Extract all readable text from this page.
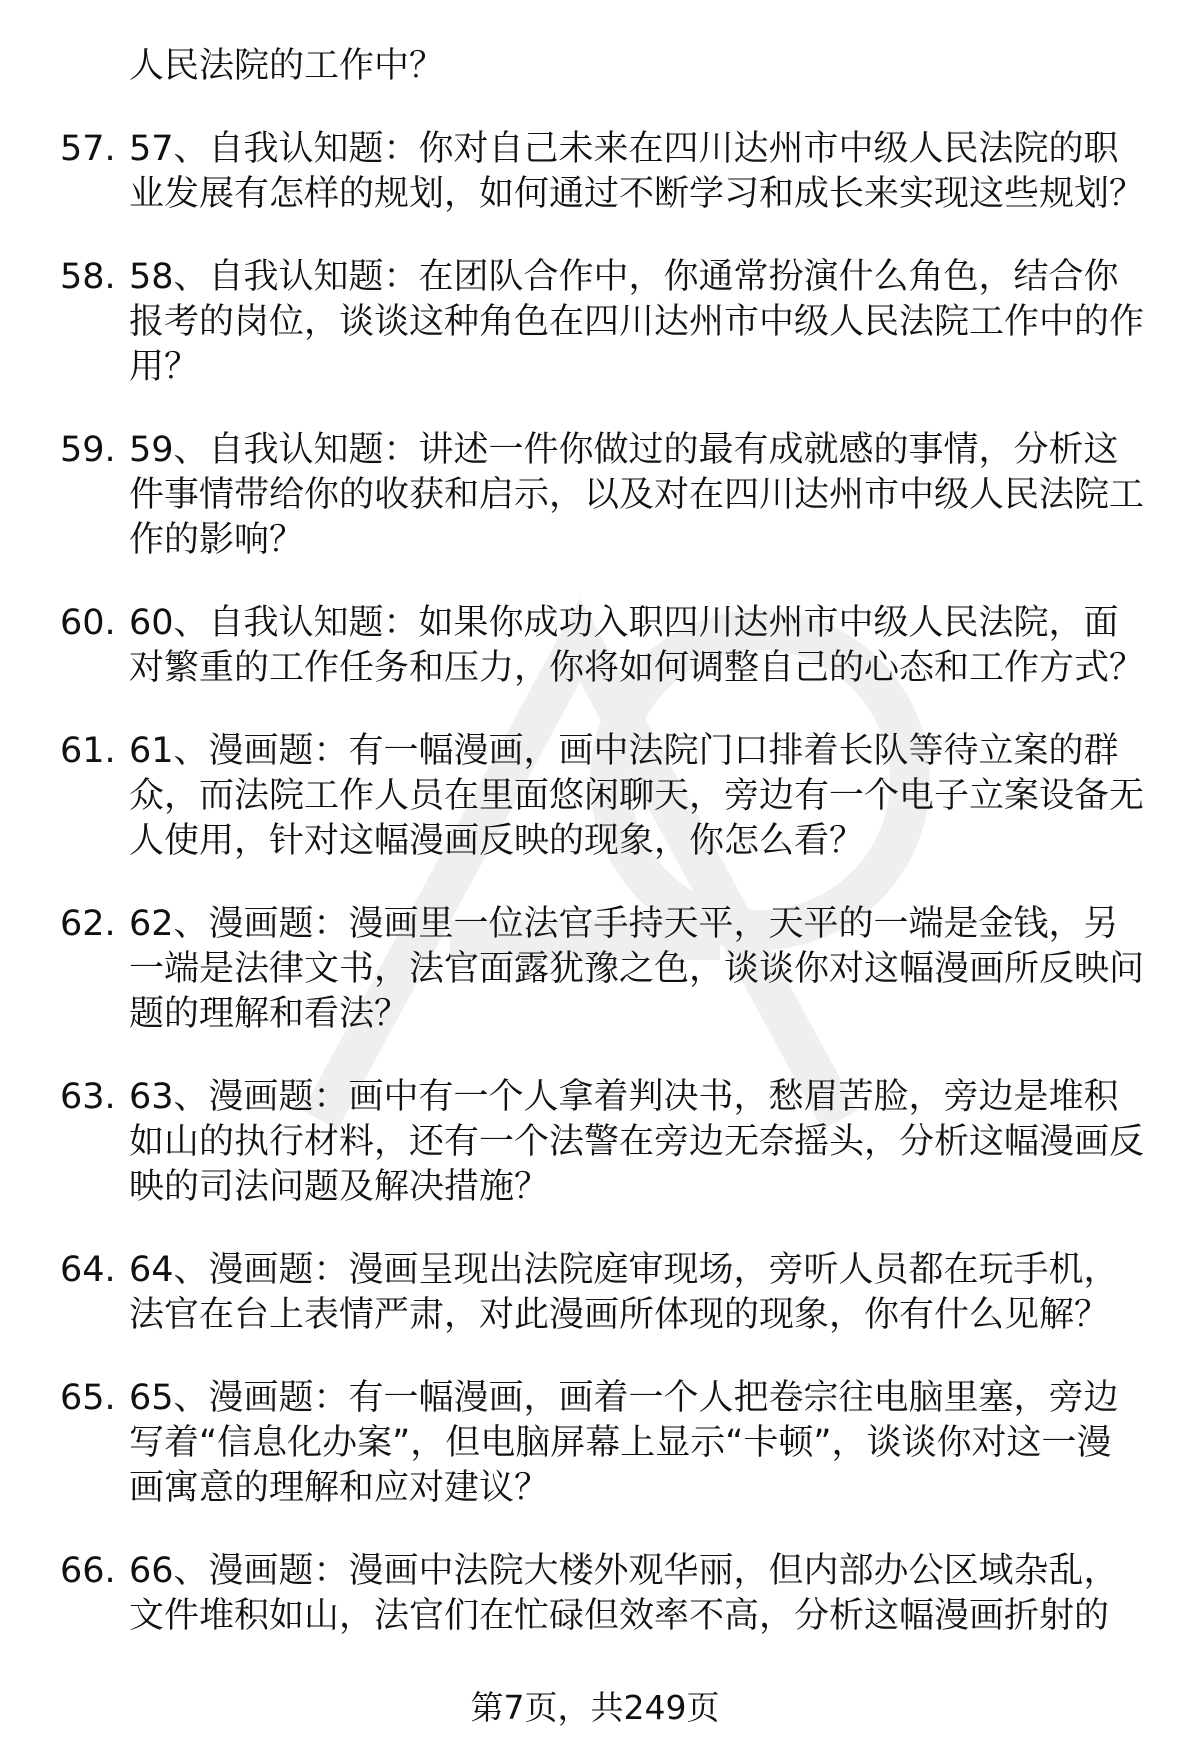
人民法院的工作中？
57. 57、自我认知题：你对自己未来在四川达州市中级人民法院的职业发展有怎样的规划，如何通过不断学习和成长来实现这些规划？
58. 58、自我认知题：在团队合作中，你通常扮演什么角色，结合你报考的岗位，谈谈这种角色在四川达州市中级人民法院工作中的作用？
59. 59、自我认知题：讲述一件你做过的最有成就感的事情，分析这件事情带给你的收获和启示，以及对在四川达州市中级人民法院工作的影响？
60. 60、自我认知题：如果你成功入职四川达州市中级人民法院，面对繁重的工作任务和压力，你将如何调整自己的心态和工作方式？
61. 61、漫画题：有一幅漫画，画中法院门口排着长队等待立案的群众，而法院工作人员在里面悠闲聊天，旁边有一个电子立案设备无人使用，针对这幅漫画反映的现象，你怎么看？
62. 62、漫画题：漫画里一位法官手持天平，天平的一端是金钱，另一端是法律文书，法官面露犹豫之色，谈谈你对这幅漫画所反映问题的理解和看法？
63. 63、漫画题：画中有一个人拿着判决书，愁眉苦脸，旁边是堆积如山的执行材料，还有一个法警在旁边无奈摇头，分析这幅漫画反映的司法问题及解决措施？
64. 64、漫画题：漫画呈现出法院庭审现场，旁听人员都在玩手机，法官在台上表情严肃，对此漫画所体现的现象，你有什么见解？
65. 65、漫画题：有一幅漫画，画着一个人把卷宗往电脑里塞，旁边写着“信息化办案”，但电脑屏幕上显示“卡顿”，谈谈你对这一漫画寓意的理解和应对建议？
66. 66、漫画题：漫画中法院大楼外观华丽，但内部办公区域杂乱，文件堆积如山，法官们在忙碌但效率不高，分析这幅漫画折射的
第7页，共249页
